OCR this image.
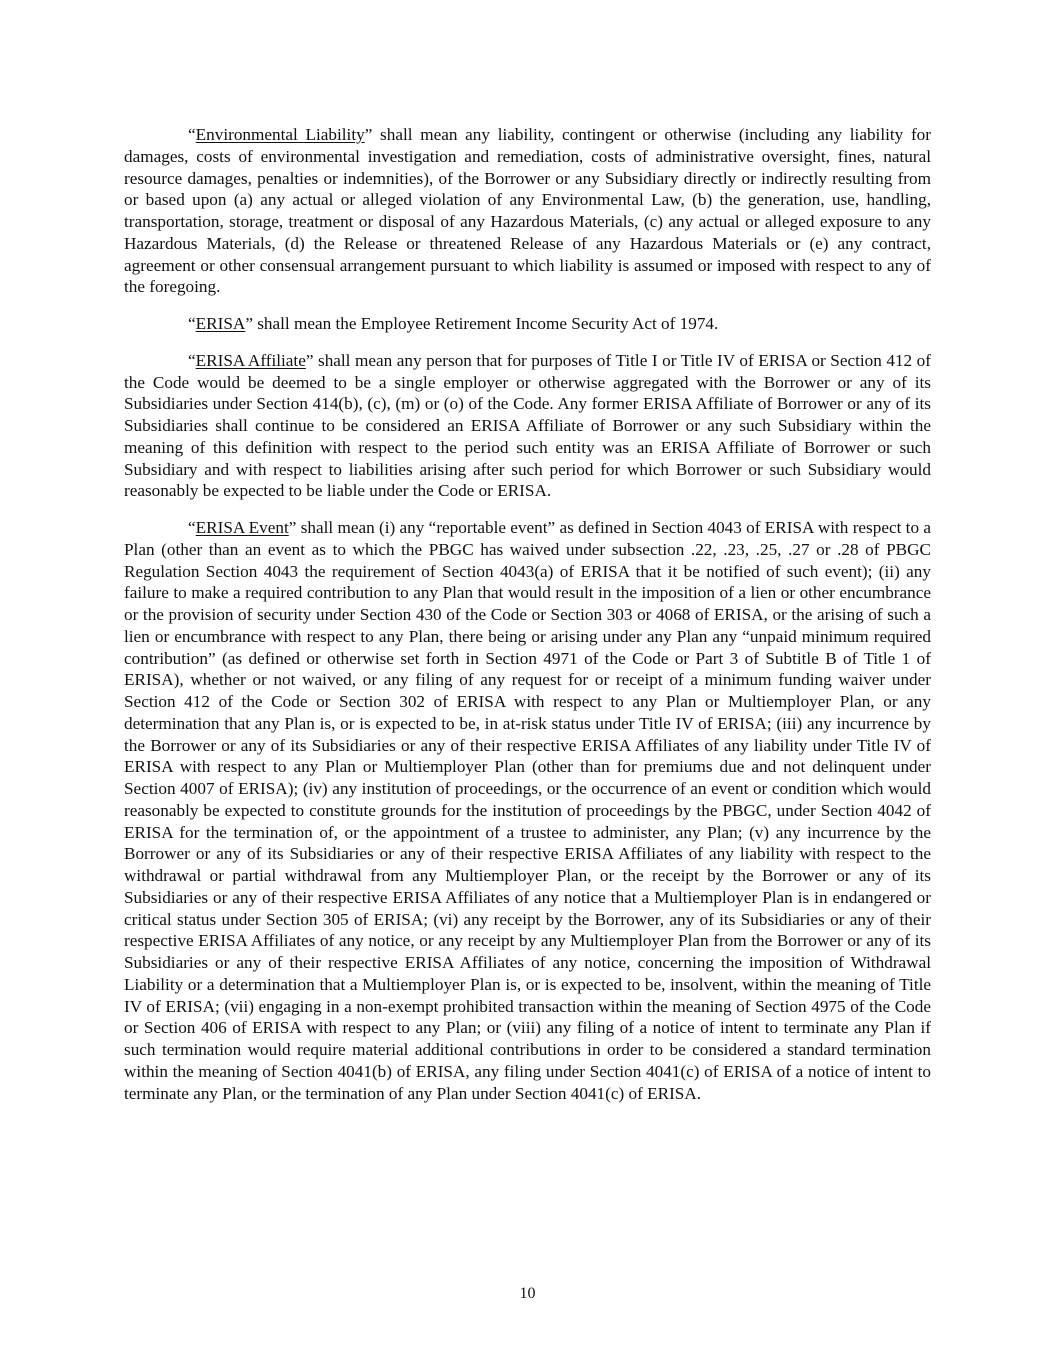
“Environmental Liability” shall mean any liability, contingent or otherwise (including any liability for damages, costs of environmental investigation and remediation, costs of administrative oversight, fines, natural resource damages, penalties or indemnities), of the Borrower or any Subsidiary directly or indirectly resulting from or based upon (a) any actual or alleged violation of any Environmental Law, (b) the generation, use, handling, transportation, storage, treatment or disposal of any Hazardous Materials, (c) any actual or alleged exposure to any Hazardous Materials, (d) the Release or threatened Release of any Hazardous Materials or (e) any contract, agreement or other consensual arrangement pursuant to which liability is assumed or imposed with respect to any of the foregoing.

“ERISA” shall mean the Employee Retirement Income Security Act of 1974.

“ERISA Affiliate” shall mean any person that for purposes of Title I or Title IV of ERISA or Section 412 of the Code would be deemed to be a single employer or otherwise aggregated with the Borrower or any of its Subsidiaries under Section 414(b), (c), (m) or (o) of the Code. Any former ERISA Affiliate of Borrower or any of its Subsidiaries shall continue to be considered an ERISA Affiliate of Borrower or any such Subsidiary within the meaning of this definition with respect to the period such entity was an ERISA Affiliate of Borrower or such Subsidiary and with respect to liabilities arising after such period for which Borrower or such Subsidiary would reasonably be expected to be liable under the Code or ERISA.

“ERISA Event” shall mean (i) any “reportable event” as defined in Section 4043 of ERISA with respect to a Plan (other than an event as to which the PBGC has waived under subsection .22, .23, .25, .27 or .28 of PBGC Regulation Section 4043 the requirement of Section 4043(a) of ERISA that it be notified of such event); (ii) any failure to make a required contribution to any Plan that would result in the imposition of a lien or other encumbrance or the provision of security under Section 430 of the Code or Section 303 or 4068 of ERISA, or the arising of such a lien or encumbrance with respect to any Plan, there being or arising under any Plan any “unpaid minimum required contribution” (as defined or otherwise set forth in Section 4971 of the Code or Part 3 of Subtitle B of Title 1 of ERISA), whether or not waived, or any filing of any request for or receipt of a minimum funding waiver under Section 412 of the Code or Section 302 of ERISA with respect to any Plan or Multiemployer Plan, or any determination that any Plan is, or is expected to be, in at-risk status under Title IV of ERISA; (iii) any incurrence by the Borrower or any of its Subsidiaries or any of their respective ERISA Affiliates of any liability under Title IV of ERISA with respect to any Plan or Multiemployer Plan (other than for premiums due and not delinquent under Section 4007 of ERISA); (iv) any institution of proceedings, or the occurrence of an event or condition which would reasonably be expected to constitute grounds for the institution of proceedings by the PBGC, under Section 4042 of ERISA for the termination of, or the appointment of a trustee to administer, any Plan; (v) any incurrence by the Borrower or any of its Subsidiaries or any of their respective ERISA Affiliates of any liability with respect to the withdrawal or partial withdrawal from any Multiemployer Plan, or the receipt by the Borrower or any of its Subsidiaries or any of their respective ERISA Affiliates of any notice that a Multiemployer Plan is in endangered or critical status under Section 305 of ERISA; (vi) any receipt by the Borrower, any of its Subsidiaries or any of their respective ERISA Affiliates of any notice, or any receipt by any Multiemployer Plan from the Borrower or any of its Subsidiaries or any of their respective ERISA Affiliates of any notice, concerning the imposition of Withdrawal Liability or a determination that a Multiemployer Plan is, or is expected to be, insolvent, within the meaning of Title IV of ERISA; (vii) engaging in a non-exempt prohibited transaction within the meaning of Section 4975 of the Code or Section 406 of ERISA with respect to any Plan; or (viii) any filing of a notice of intent to terminate any Plan if such termination would require material additional contributions in order to be considered a standard termination within the meaning of Section 4041(b) of ERISA, any filing under Section 4041(c) of ERISA of a notice of intent to terminate any Plan, or the termination of any Plan under Section 4041(c) of ERISA.

10
